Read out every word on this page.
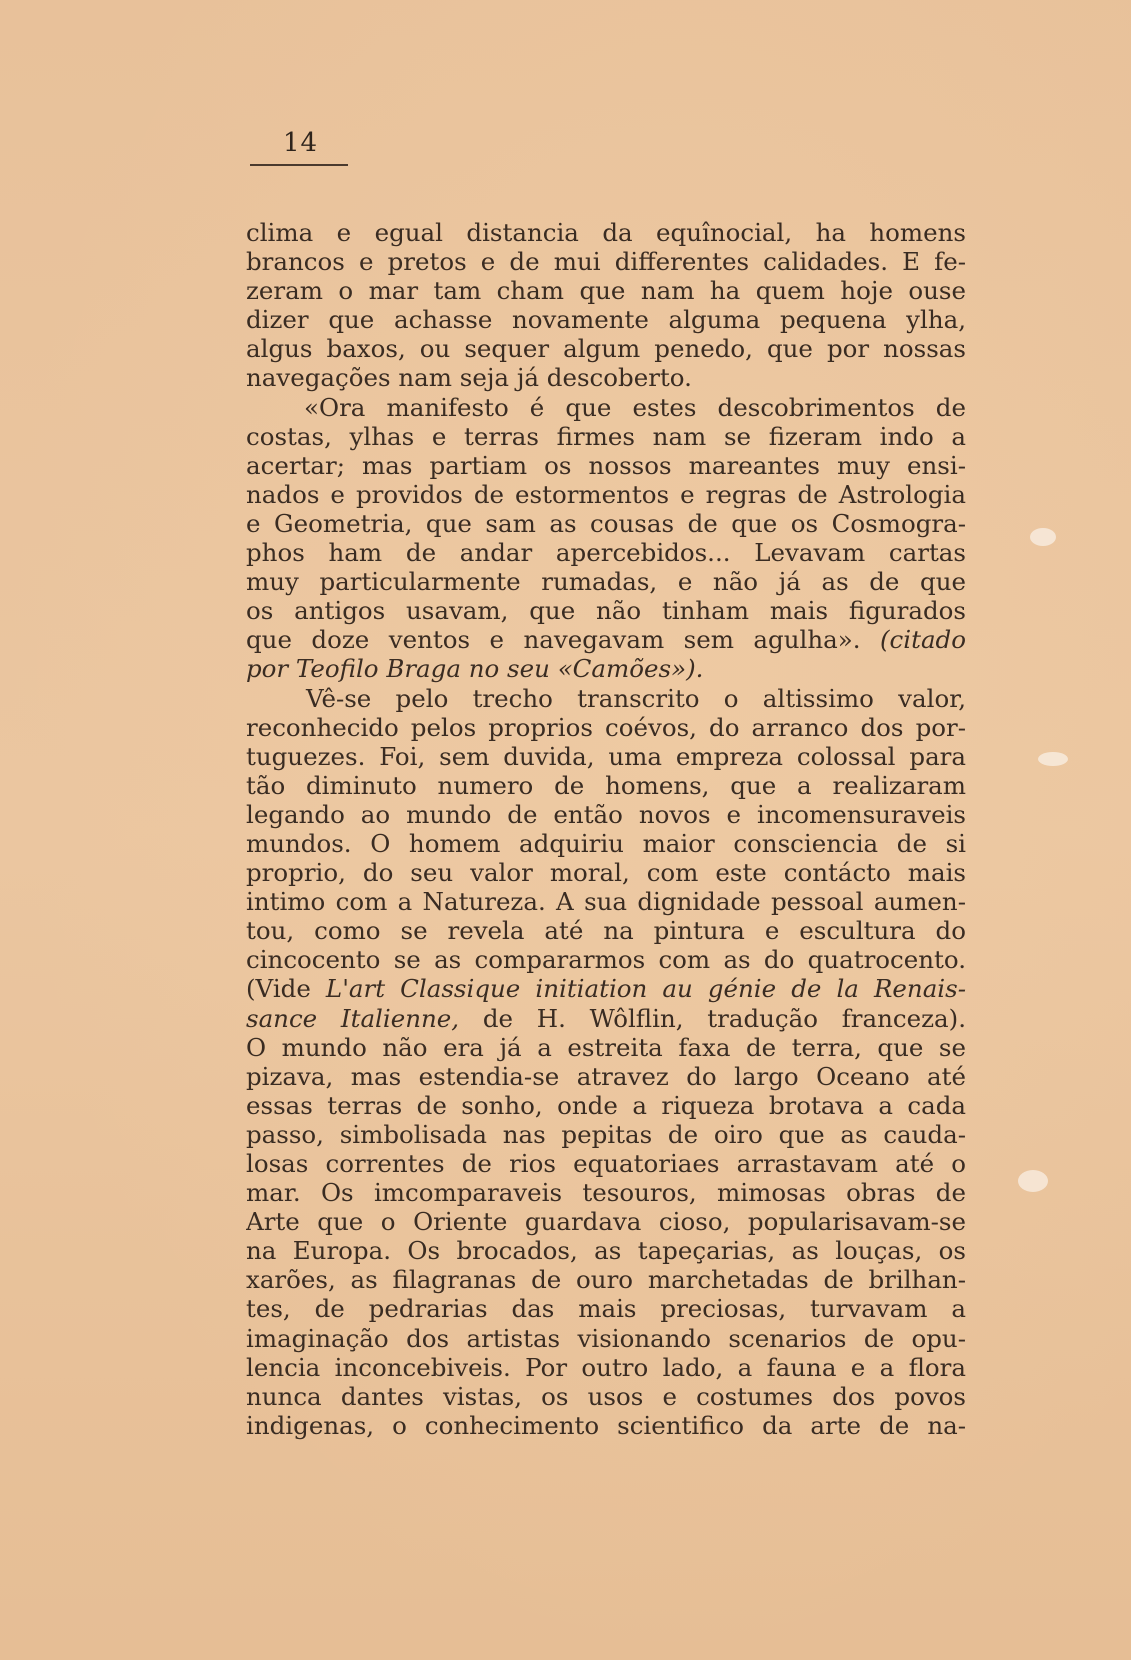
14
clima e egual distancia da equînocial, ha homens
brancos e pretos e de mui differentes calidades. E fe-
zeram o mar tam cham que nam ha quem hoje ouse
dizer que achasse novamente alguma pequena ylha,
algus baxos, ou sequer algum penedo, que por nossas
navegações nam seja já descoberto.
«Ora manifesto é que estes descobrimentos de
costas, ylhas e terras firmes nam se fizeram indo a
acertar; mas partiam os nossos mareantes muy ensi-
nados e providos de estormentos e regras de Astrologia
e Geometria, que sam as cousas de que os Cosmogra-
phos ham de andar apercebidos... Levavam cartas
muy particularmente rumadas, e não já as de que
os antigos usavam, que não tinham mais figurados
que doze ventos e navegavam sem agulha». (citado
por Teofilo Braga no seu «Camões»).
Vê-se pelo trecho transcrito o altissimo valor,
reconhecido pelos proprios coévos, do arranco dos por-
tuguezes. Foi, sem duvida, uma empreza colossal para
tão diminuto numero de homens, que a realizaram
legando ao mundo de então novos e incomensuraveis
mundos. O homem adquiriu maior consciencia de si
proprio, do seu valor moral, com este contácto mais
intimo com a Natureza. A sua dignidade pessoal aumen-
tou, como se revela até na pintura e escultura do
cincocento se as compararmos com as do quatrocento.
(Vide L'art Classique initiation au génie de la Renais-
sance Italienne, de H. Wôlflin, tradução franceza).
O mundo não era já a estreita faxa de terra, que se
pizava, mas estendia-se atravez do largo Oceano até
essas terras de sonho, onde a riqueza brotava a cada
passo, simbolisada nas pepitas de oiro que as cauda-
losas correntes de rios equatoriaes arrastavam até o
mar. Os imcomparaveis tesouros, mimosas obras de
Arte que o Oriente guardava cioso, popularisavam-se
na Europa. Os brocados, as tapeçarias, as louças, os
xarões, as filagranas de ouro marchetadas de brilhan-
tes, de pedrarias das mais preciosas, turvavam a
imaginação dos artistas visionando scenarios de opu-
lencia inconcebiveis. Por outro lado, a fauna e a flora
nunca dantes vistas, os usos e costumes dos povos
indigenas, o conhecimento scientifico da arte de na-
